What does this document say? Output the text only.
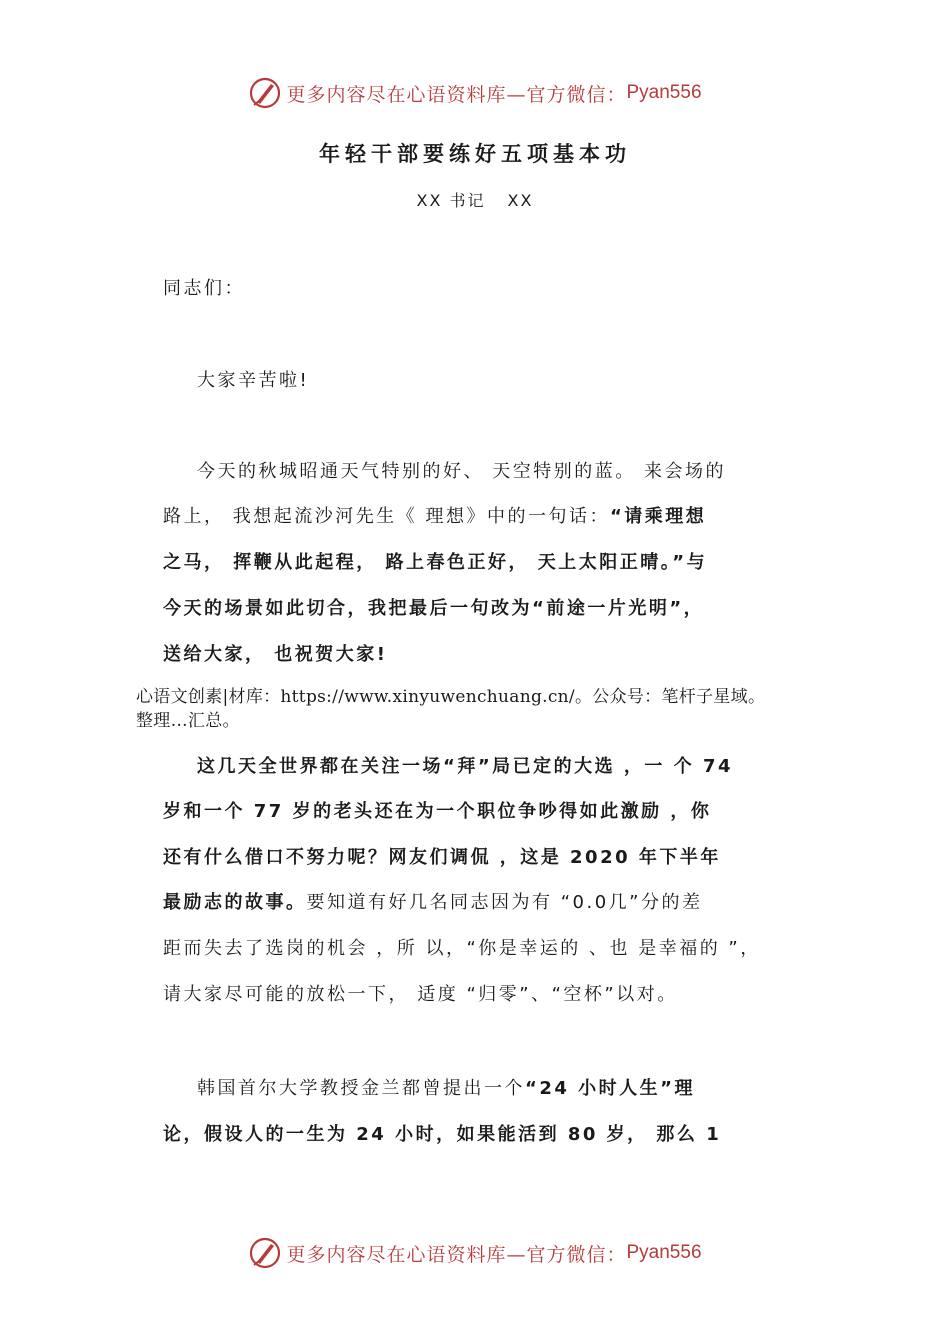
更多内容尽在心语资料库—官方微信： Pyan556
年轻干部要练好五项基本功
XX 书记 XX
同志们：
大家辛苦啦!
今天的秋城昭通天气特别的好、 天空特别的蓝。 来会场的
路上， 我想起流沙河先生《 理想》中的一句话：“请乘理想
之马， 挥鞭从此起程， 路上春色正好， 天上太阳正晴。”与
今天的场景如此切合，我把最后一句改为“前途一片光明”，
送给大家， 也祝贺大家!
心语文创素|材库：https://www.xinyuwenchuang.cn/。公众号：笔杆子星域。
整理…汇总。
这几天全世界都在关注一场“拜”局已定的大选 ，一 个 74
岁和一个 77 岁的老头还在为一个职位争吵得如此激励 ，你
还有什么借口不努力呢？网友们调侃 ，这是 2020 年下半年
最励志的故事。要知道有好几名同志因为有 “0.0几”分的差
距而失去了选岗的机会 ，所 以，“你是幸运的 、也 是幸福的 ”，
请大家尽可能的放松一下， 适度 “归零”、“空杯”以对。
韩国首尔大学教授金兰都曾提出一个“24 小时人生”理
论，假设人的一生为 24 小时，如果能活到 80 岁， 那么 1
更多内容尽在心语资料库—官方微信： Pyan556
